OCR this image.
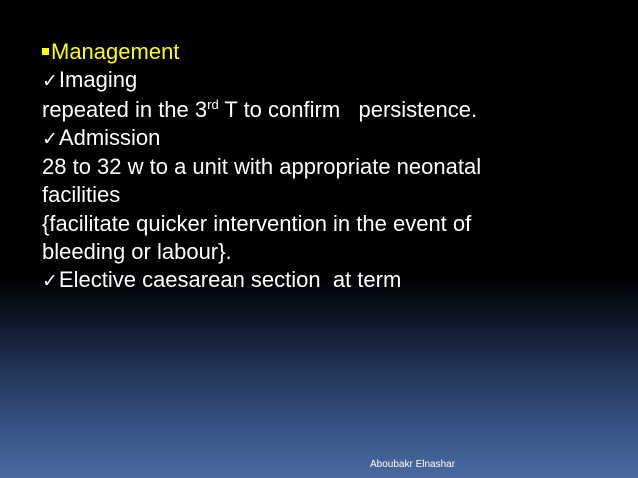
Management
✓Imaging
repeated in the 3rd T to confirm   persistence.
✓Admission
28 to 32 w to a unit with appropriate neonatal
facilities
{facilitate quicker intervention in the event of
bleeding or labour}.
✓Elective caesarean section  at term
Aboubakr Elnashar
